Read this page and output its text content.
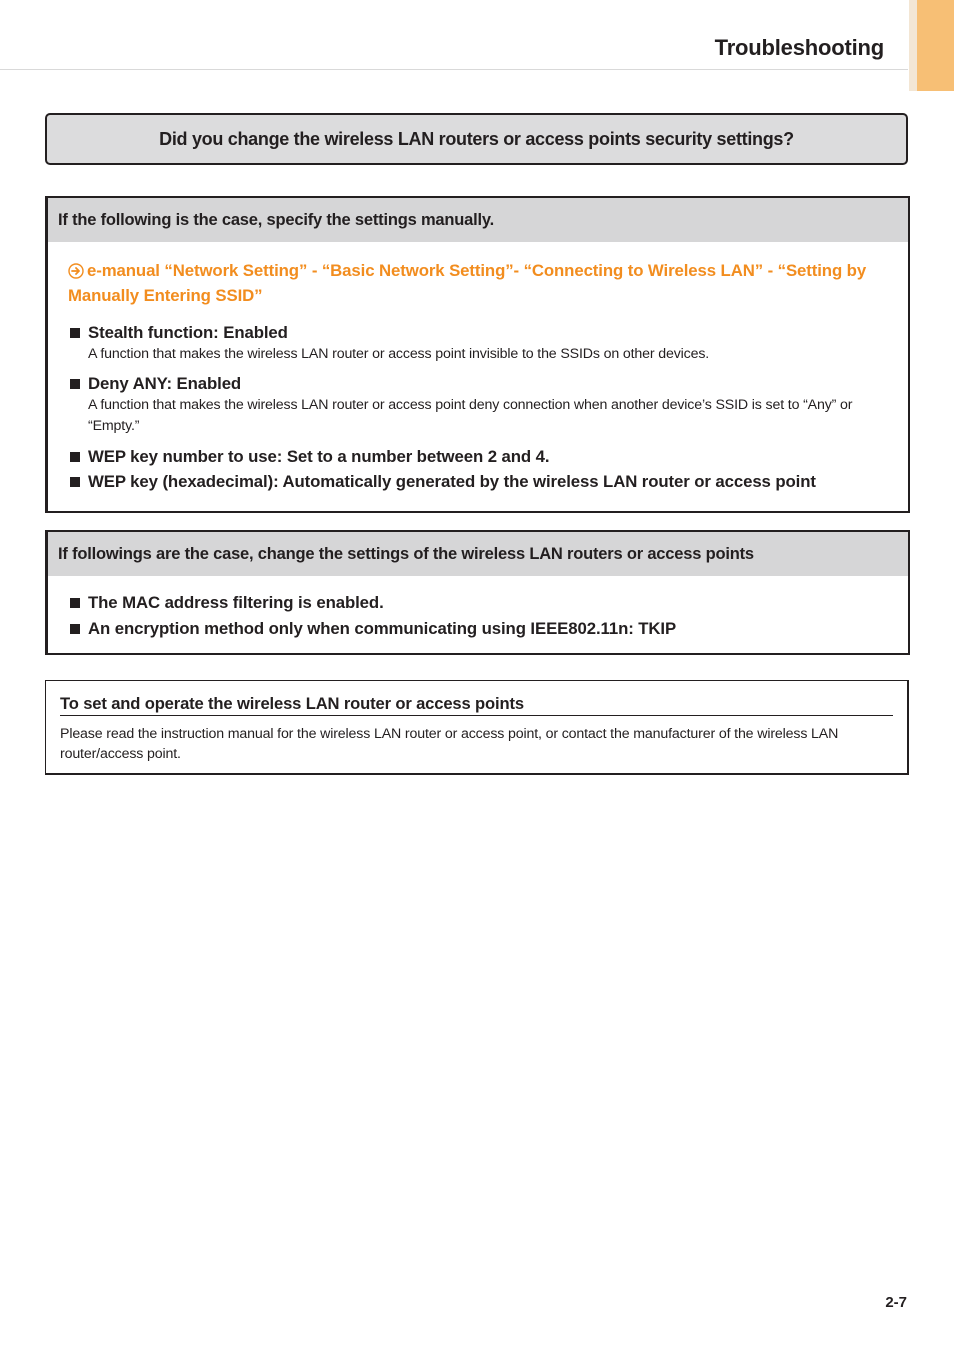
Troubleshooting
Did you change the wireless LAN routers or access points security settings?
If the following is the case, specify the settings manually.
e-manual “Network Setting” - “Basic Network Setting”- “Connecting to Wireless LAN” - “Setting by Manually Entering SSID”
Stealth function: Enabled
A function that makes the wireless LAN router or access point invisible to the SSIDs on other devices.
Deny ANY: Enabled
A function that makes the wireless LAN router or access point deny connection when another device’s SSID is set to “Any” or “Empty.”
WEP key number to use: Set to a number between 2 and 4.
WEP key (hexadecimal): Automatically generated by the wireless LAN router or access point
If followings are the case, change the settings of the wireless LAN routers or access points
The MAC address filtering is enabled.
An encryption method only when communicating using IEEE802.11n: TKIP
To set and operate the wireless LAN router or access points
Please read the instruction manual for the wireless LAN router or access point, or contact the manufacturer of the wireless LAN router/access point.
2-7
